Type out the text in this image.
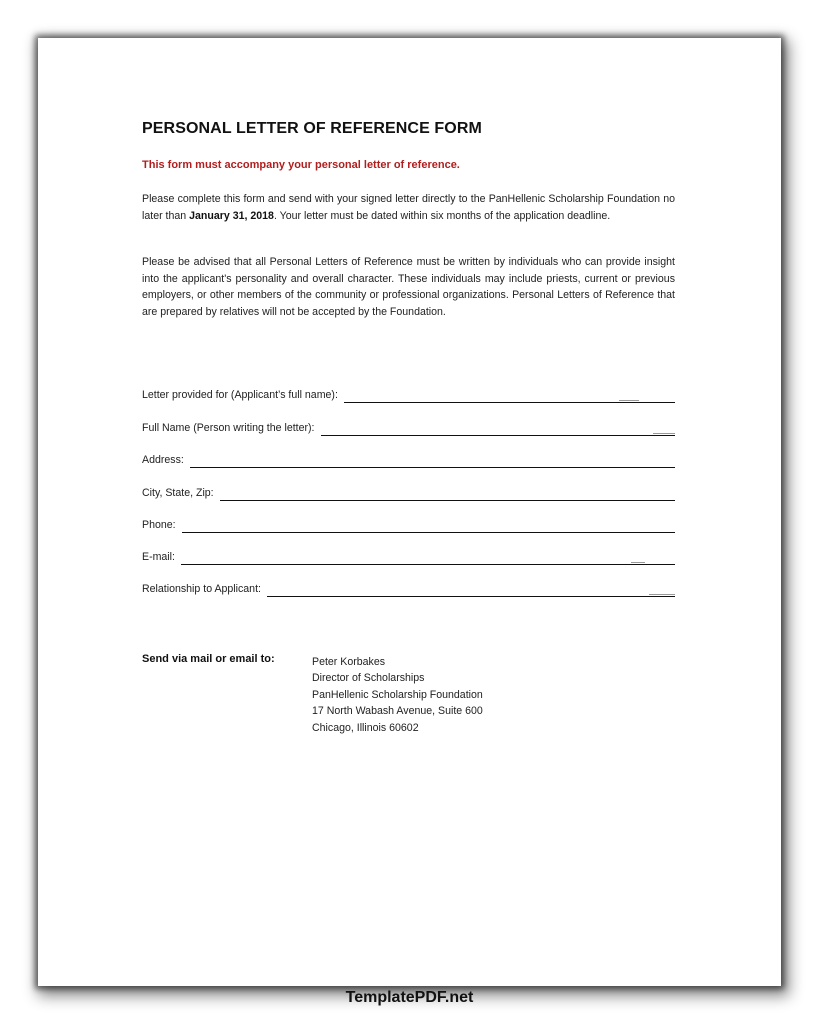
PERSONAL LETTER OF REFERENCE FORM
This form must accompany your personal letter of reference.

Please complete this form and send with your signed letter directly to the PanHellenic Scholarship Foundation no later than January 31, 2018. Your letter must be dated within six months of the application deadline.

Please be advised that all Personal Letters of Reference must be written by individuals who can provide insight into the applicant's personality and overall character. These individuals may include priests, current or previous employers, or other members of the community or professional organizations. Personal Letters of Reference that are prepared by relatives will not be accepted by the Foundation.

Letter provided for (Applicant’s full name):
Full Name (Person writing the letter):
Address:
City, State, Zip:
Phone:
E-mail:
Relationship to Applicant:
Send via mail or email to:	Peter Korbakes
Director of Scholarships
PanHellenic Scholarship Foundation
17 North Wabash Avenue, Suite 600
Chicago, Illinois 60602
TemplatePDF.net
